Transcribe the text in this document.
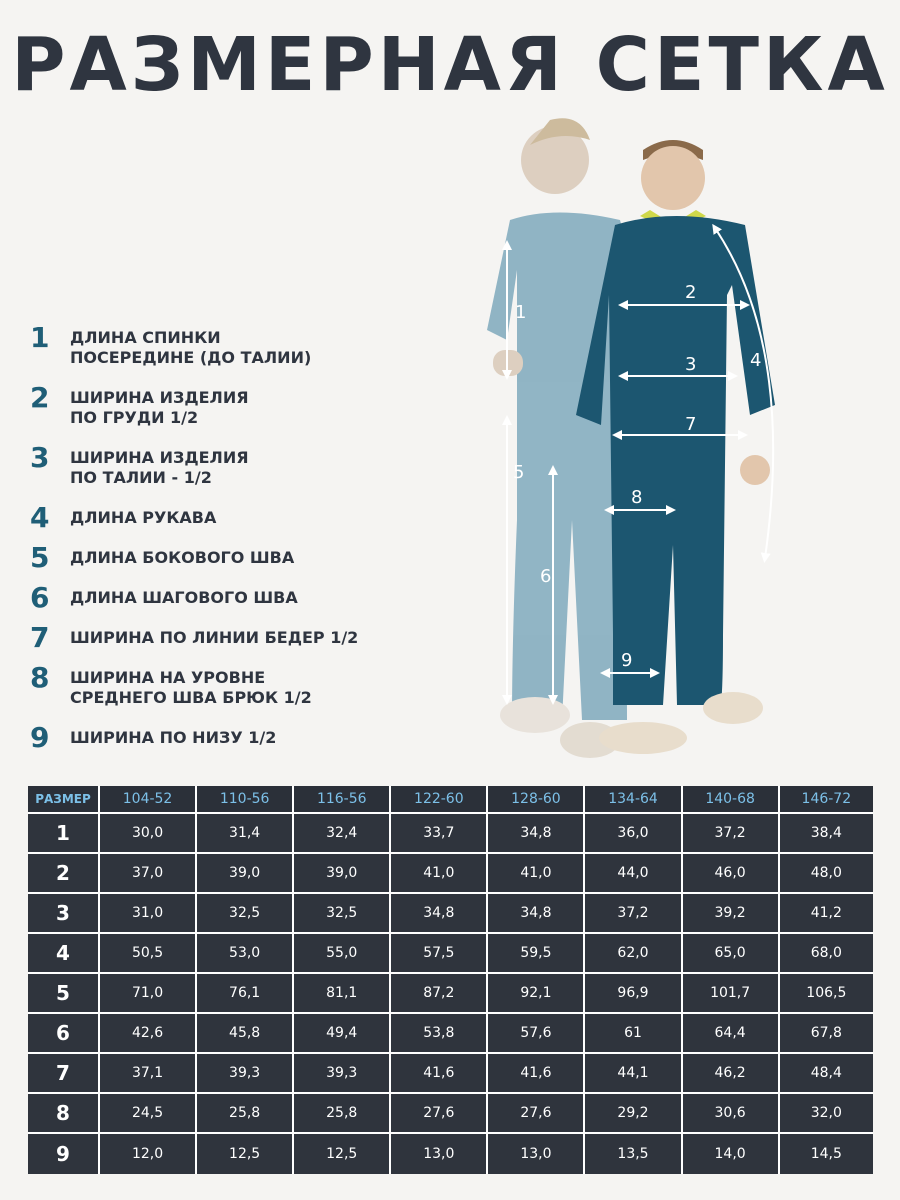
РАЗМЕРНАЯ СЕТКА
1	ДЛИНА СПИНКИ
ПОСЕРЕДИНЕ (ДО ТАЛИИ)
2	ШИРИНА ИЗДЕЛИЯ
ПО ГРУДИ 1/2
3	ШИРИНА ИЗДЕЛИЯ
ПО ТАЛИИ - 1/2
4	ДЛИНА РУКАВА
5	ДЛИНА БОКОВОГО ШВА
6	ДЛИНА ШАГОВОГО ШВА
7	ШИРИНА ПО ЛИНИИ БЕДЕР 1/2
8	ШИРИНА НА УРОВНЕ
СРЕДНЕГО ШВА БРЮК 1/2
9	ШИРИНА ПО НИЗУ 1/2
1
2
3	4
5
6
7
8
9
РАЗМЕР	104-52	110-56	116-56	122-60	128-60	134-64	140-68	146-72
1	30,0	31,4	32,4	33,7	34,8	36,0	37,2	38,4
2	37,0	39,0	39,0	41,0	41,0	44,0	46,0	48,0
3	31,0	32,5	32,5	34,8	34,8	37,2	39,2	41,2
4	50,5	53,0	55,0	57,5	59,5	62,0	65,0	68,0
5	71,0	76,1	81,1	87,2	92,1	96,9	101,7	106,5
6	42,6	45,8	49,4	53,8	57,6	61	64,4	67,8
7	37,1	39,3	39,3	41,6	41,6	44,1	46,2	48,4
8	24,5	25,8	25,8	27,6	27,6	29,2	30,6	32,0
9	12,0	12,5	12,5	13,0	13,0	13,5	14,0	14,5
